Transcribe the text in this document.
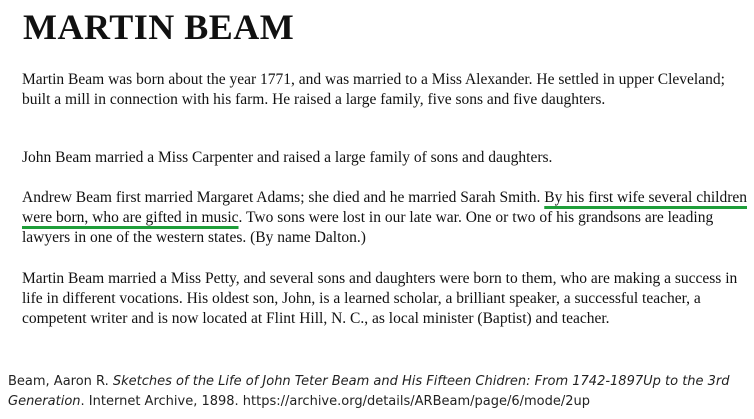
MARTIN BEAM

Martin Beam was born about the year 1771, and was married to a Miss Alexander. He settled in upper Cleveland; built a mill in connection with his farm. He raised a large family, five sons and five daughters.

John Beam married a Miss Carpenter and raised a large family of sons and daughters.

Andrew Beam first married Margaret Adams; she died and he married Sarah Smith. By his first wife several children were born, who are gifted in music. Two sons were lost in our late war. One or two of his grandsons are leading lawyers in one of the western states. (By name Dalton.)

Martin Beam married a Miss Petty, and several sons and daughters were born to them, who are making a success in life in different vocations. His oldest son, John, is a learned scholar, a brilliant speaker, a successful teacher, a competent writer and is now located at Flint Hill, N. C., as local minister (Baptist) and teacher.

Beam, Aaron R. Sketches of the Life of John Teter Beam and His Fifteen Chidren: From 1742-1897Up to the 3rd Generation. Internet Archive, 1898. https://archive.org/details/ARBeam/page/6/mode/2up
